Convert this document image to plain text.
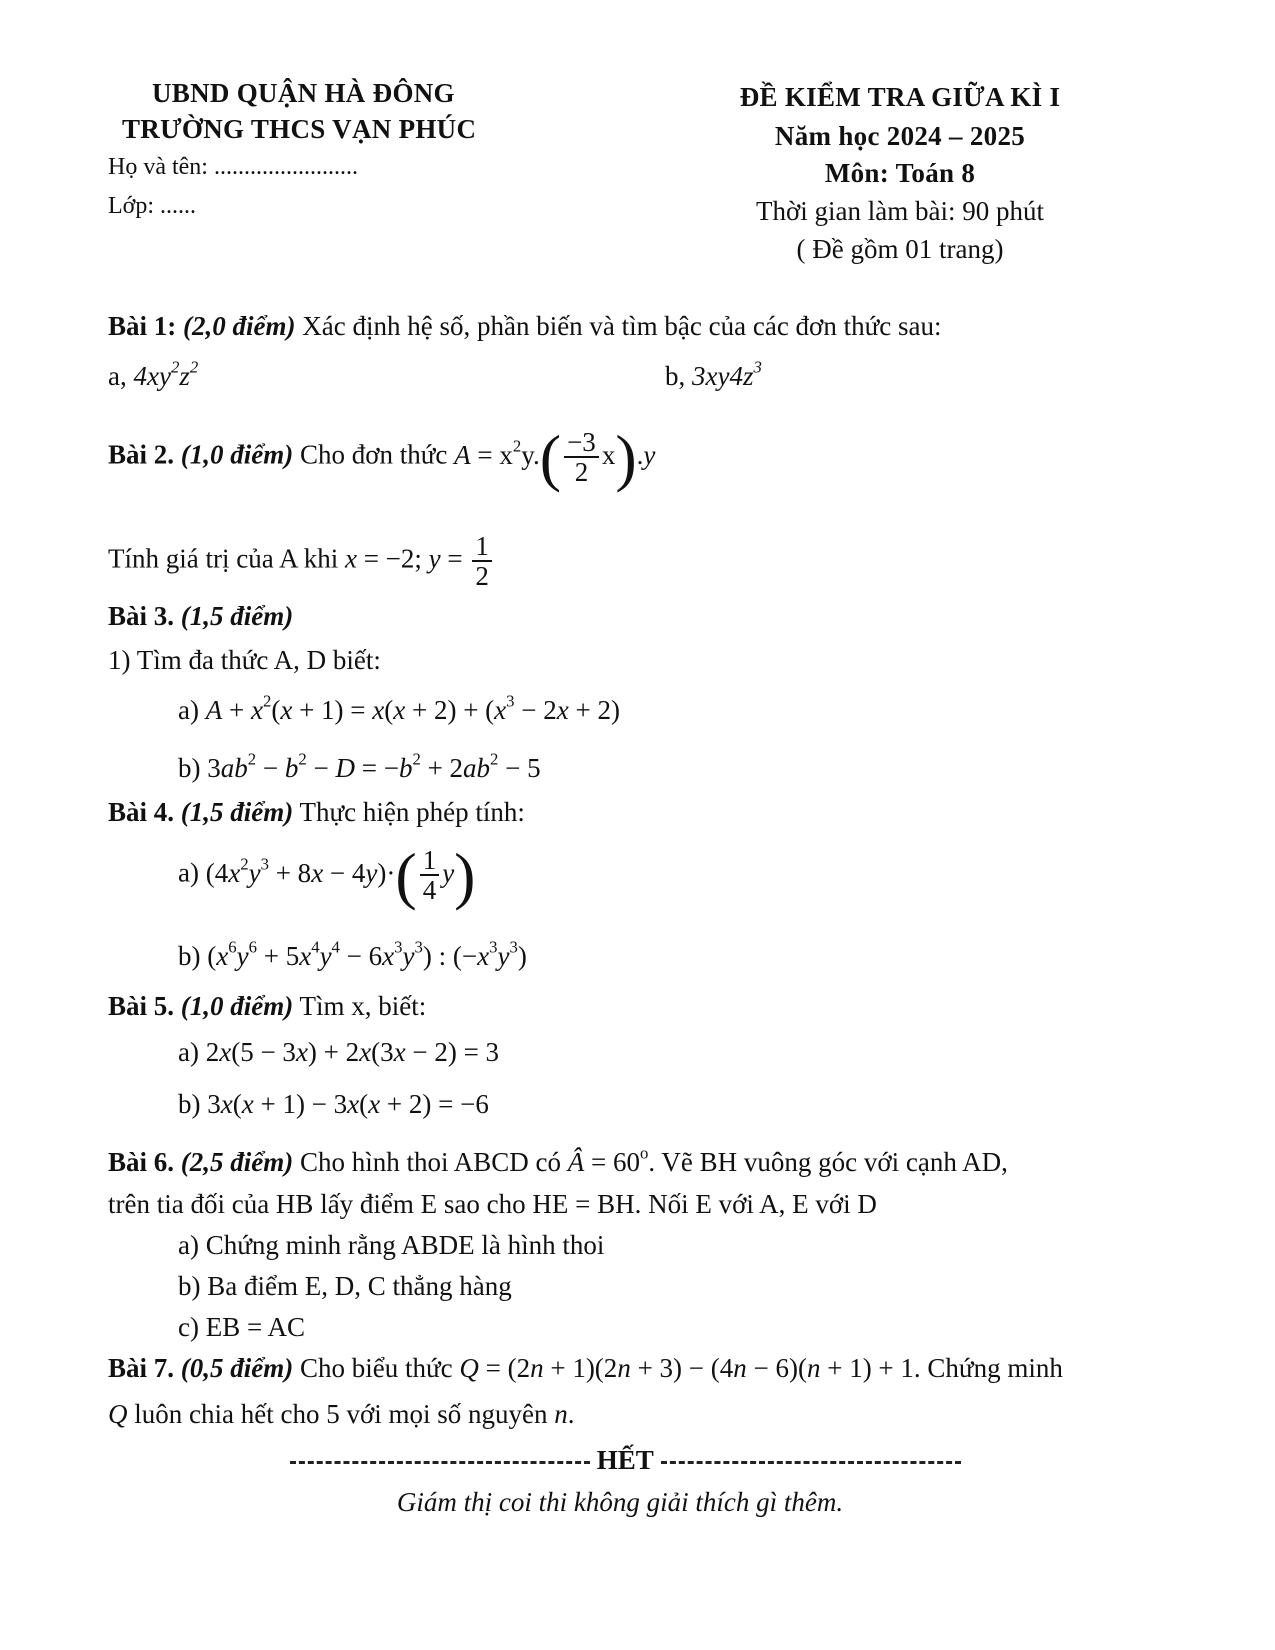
UBND QUẬN HÀ ĐÔNG
TRƯỜNG THCS VẠN PHÚC
Họ và tên: ........................
Lớp: ......
ĐỀ KIỂM TRA GIỮA KÌ I
Năm học 2024 – 2025
Môn: Toán 8
Thời gian làm bài: 90 phút
( Đề gồm 01 trang)
Bài 1: (2,0 điểm) Xác định hệ số, phần biến và tìm bậc của các đơn thức sau:
a, $4xy^2z^2$	b, $3xy4z^3$
Bài 2. (1,0 điểm) Cho đơn thức $A = x^2y.( \frac{-3}{2} x).y$
Tính giá trị của A khi x = −2; $y = \frac{1}{2}$
Bài 3. (1,5 điểm)
1) Tìm đa thức A, D biết:
a) $A + x^2(x + 1) = x(x + 2) + (x^3 - 2x + 2)$
b) $3ab^2 - b^2 - D = -b^2 + 2ab^2 - 5$
Bài 4. (1,5 điểm) Thực hiện phép tính:
a) $(4x^2y^3 + 8x - 4y)\cdot( \frac{1}{4} y)$
b) $(x^6y^6 + 5x^4y^4 - 6x^3y^3)$ : $(-x^3y^3)$
Bài 5. (1,0 điểm) Tìm x, biết:
a) 2x(5 − 3x) + 2x(3x − 2) = 3
b) 3x(x + 1) − 3x(x + 2) = −6
Bài 6. (2,5 điểm) Cho hình thoi ABCD có Â = $60^o$. Vẽ BH vuông góc với cạnh AD,
trên tia đối của HB lấy điểm E sao cho HE = BH. Nối E với A, E với D
a) Chứng minh rằng ABDE là hình thoi
b) Ba điểm E, D, C thẳng hàng
c) EB = AC
Bài 7. (0,5 điểm) Cho biểu thức Q = (2n + 1)(2n + 3) − (4n − 6)(n + 1) + 1. Chứng minh
Q luôn chia hết cho 5 với mọi số nguyên n.
HẾT
Giám thị coi thi không giải thích gì thêm.
